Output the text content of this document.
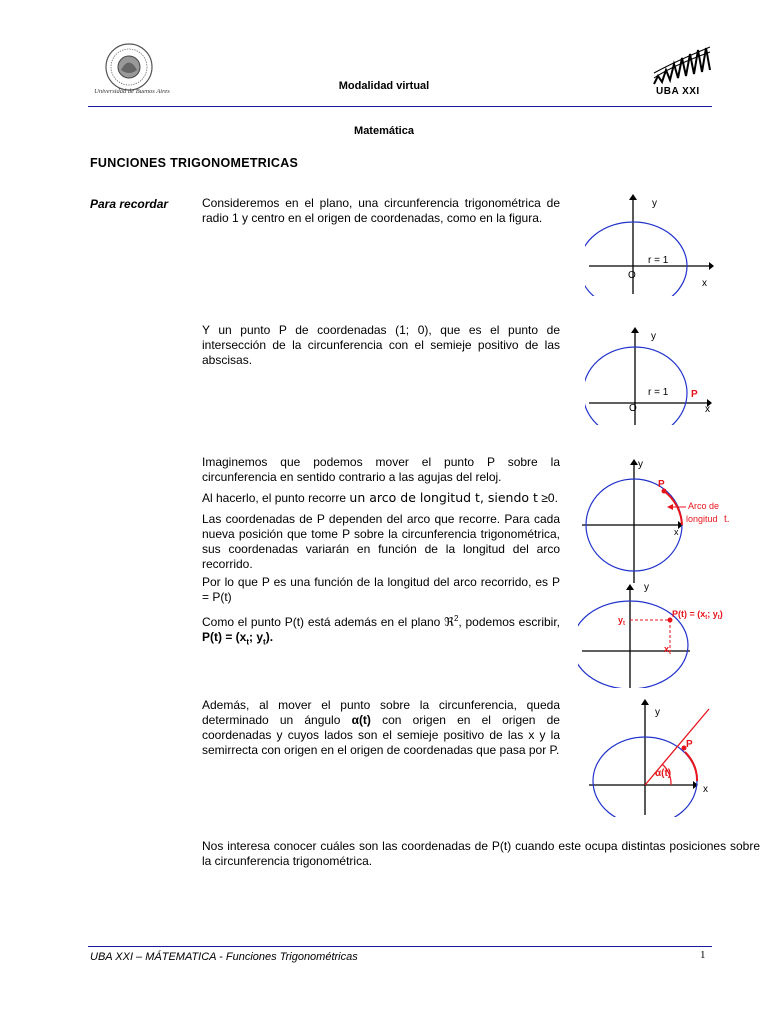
Universidad de Buenos Aires	Modalidad virtual	UBA XXI
Matemática
FUNCIONES TRIGONOMETRICAS
Para recordar	Consideremos en el plano, una circunferencia trigonométrica de radio 1 y centro en el origen de coordenadas, como en la figura.

Y un punto P de coordenadas (1; 0), que es el punto de intersección de la circunferencia con el semieje positivo de las abscisas.

Imaginemos que podemos mover el punto P sobre la circunferencia en sentido contrario a las agujas del reloj.

Al hacerlo, el punto recorre un arco de longitud t, siendo t ≥0.

Las coordenadas de P dependen del arco que recorre. Para cada nueva posición que tome P sobre la circunferencia trigonométrica, sus coordenadas variarán en función de la longitud del arco recorrido.

Por lo que P es una función de la longitud del arco recorrido, es P = P(t)

Como el punto P(t) está además en el plano ℜ$^2$, podemos escribir, $P(t) = (x_t$; $y_t$).
Además, al mover el punto sobre la circunferencia, queda determinado un ángulo α(t) con origen en el origen de coordenadas y cuyos lados son el semieje positivo de las x y la semirrecta con origen en el origen de coordenadas que pasa por P.

Nos interesa conocer cuáles son las coordenadas de P(t) cuando este ocupa distintas posiciones sobre la circunferencia trigonométrica.

y
x
O
r = 1
y
x
O
r = 1 P
y
x
P
Arco de
longitud t.
y
$P(t) = (x_t$; $y_t$)
$y_t$
$x_t$
y
x
P
α(t)
UBA XXI – MÁTEMATICA - Funciones Trigonométricas	1
